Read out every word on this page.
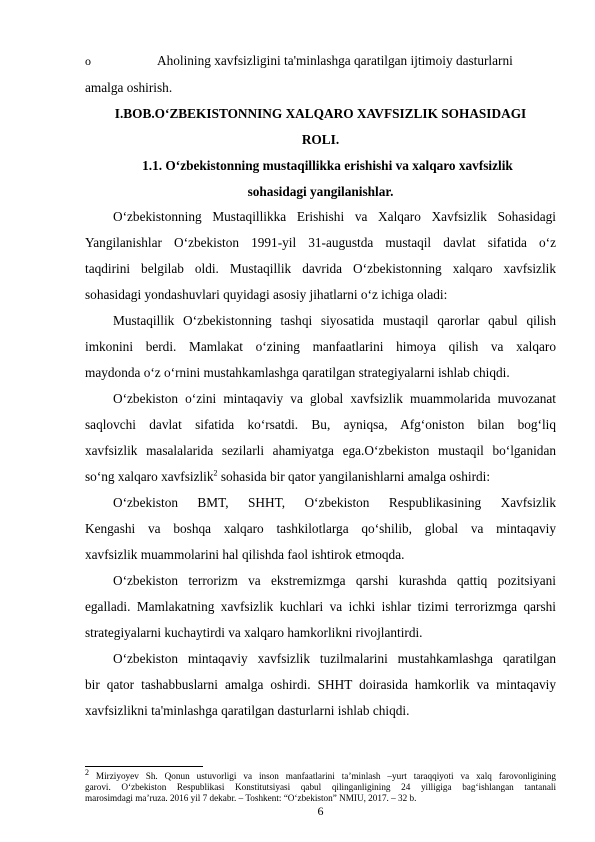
o	Aholining xavfsizligini ta'minlashga qaratilgan ijtimoiy dasturlarni
amalga oshirish.
I.BOB.O‘ZBEKISTONNING XALQARO XAVFSIZLIK SOHASIDAGI
ROLI.
1.1. O‘zbekistonning mustaqillikka erishishi va xalqaro xavfsizlik
sohasidagi yangilanishlar.
O‘zbekistonning Mustaqillikka Erishishi va Xalqaro Xavfsizlik Sohasidagi
Yangilanishlar O‘zbekiston 1991-yil 31-augustda mustaqil davlat sifatida o‘z
taqdirini belgilab oldi. Mustaqillik davrida O‘zbekistonning xalqaro xavfsizlik
sohasidagi yondashuvlari quyidagi asosiy jihatlarni o‘z ichiga oladi:
Mustaqillik O‘zbekistonning tashqi siyosatida mustaqil qarorlar qabul qilish
imkonini berdi. Mamlakat o‘zining manfaatlarini himoya qilish va xalqaro
maydonda o‘z o‘rnini mustahkamlashga qaratilgan strategiyalarni ishlab chiqdi.
O‘zbekiston o‘zini mintaqaviy va global xavfsizlik muammolarida muvozanat
saqlovchi davlat sifatida ko‘rsatdi. Bu, ayniqsa, Afg‘oniston bilan bog‘liq
xavfsizlik masalalarida sezilarli ahamiyatga ega.O‘zbekiston mustaqil bo‘lganidan
so‘ng xalqaro xavfsizlik$^2$ sohasida bir qator yangilanishlarni amalga oshirdi:
O‘zbekiston BMT, SHHT, O‘zbekiston Respublikasining Xavfsizlik
Kengashi va boshqa xalqaro tashkilotlarga qo‘shilib, global va mintaqaviy
xavfsizlik muammolarini hal qilishda faol ishtirok etmoqda.
O‘zbekiston terrorizm va ekstremizmga qarshi kurashda qattiq pozitsiyani
egalladi. Mamlakatning xavfsizlik kuchlari va ichki ishlar tizimi terrorizmga qarshi
strategiyalarni kuchaytirdi va xalqaro hamkorlikni rivojlantirdi.
O‘zbekiston mintaqaviy xavfsizlik tuzilmalarini mustahkamlashga qaratilgan
bir qator tashabbuslarni amalga oshirdi. SHHT doirasida hamkorlik va mintaqaviy
xavfsizlikni ta'minlashga qaratilgan dasturlarni ishlab chiqdi.
$^2$ Mirziyoyev Sh. Qonun ustuvorligi va inson manfaatlarini ta’minlash –yurt taraqqiyoti va xalq farovonligining
garovi. O‘zbekiston Respublikasi Konstitutsiyasi qabul qilinganligining 24 yilligiga bag‘ishlangan tantanali
marosimdagi ma’ruza. 2016 yil 7 dekabr. – Toshkent: “O‘zbekiston” NMIU, 2017. – 32 b.
6
